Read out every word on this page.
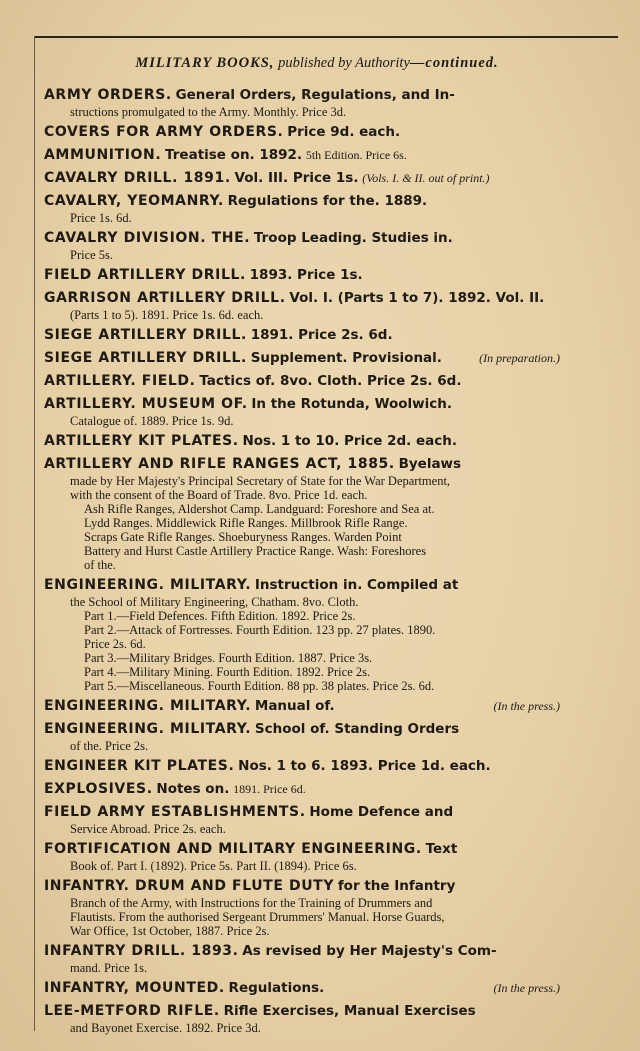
MILITARY BOOKS, published by Authority—continued.
ARMY ORDERS. General Orders, Regulations, and In-
structions promulgated to the Army. Monthly. Price 3d.
COVERS FOR ARMY ORDERS. Price 9d. each.
AMMUNITION. Treatise on. 1892. 5th Edition. Price 6s.
CAVALRY DRILL. 1891. Vol. III. Price 1s. (Vols. I. & II. out of print.)
CAVALRY, YEOMANRY. Regulations for the. 1889.
Price 1s. 6d.
CAVALRY DIVISION. THE. Troop Leading. Studies in.
Price 5s.
FIELD ARTILLERY DRILL. 1893. Price 1s.
GARRISON ARTILLERY DRILL. Vol. I. (Parts 1 to 7). 1892. Vol. II.
(Parts 1 to 5). 1891. Price 1s. 6d. each.
SIEGE ARTILLERY DRILL. 1891. Price 2s. 6d.
(In preparation.)
SIEGE ARTILLERY DRILL. Supplement. Provisional.
ARTILLERY. FIELD. Tactics of. 8vo. Cloth. Price 2s. 6d.
ARTILLERY. MUSEUM OF. In the Rotunda, Woolwich.
Catalogue of. 1889. Price 1s. 9d.
ARTILLERY KIT PLATES. Nos. 1 to 10. Price 2d. each.
ARTILLERY AND RIFLE RANGES ACT, 1885. Byelaws
made by Her Majesty's Principal Secretary of State for the War Department,
with the consent of the Board of Trade. 8vo. Price 1d. each.
Ash Rifle Ranges, Aldershot Camp. Landguard: Foreshore and Sea at.
Lydd Ranges. Middlewick Rifle Ranges. Millbrook Rifle Range.
Scraps Gate Rifle Ranges. Shoeburyness Ranges. Warden Point
Battery and Hurst Castle Artillery Practice Range. Wash: Foreshores
of the.
ENGINEERING. MILITARY. Instruction in. Compiled at
the School of Military Engineering, Chatham. 8vo. Cloth.
Part 1.—Field Defences. Fifth Edition. 1892. Price 2s.
Part 2.—Attack of Fortresses. Fourth Edition. 123 pp. 27 plates. 1890.
Price 2s. 6d.
Part 3.—Military Bridges. Fourth Edition. 1887. Price 3s.
Part 4.—Military Mining. Fourth Edition. 1892. Price 2s.
Part 5.—Miscellaneous. Fourth Edition. 88 pp. 38 plates. Price 2s. 6d.
(In the press.)
ENGINEERING. MILITARY. Manual of.
ENGINEERING. MILITARY. School of. Standing Orders
of the. Price 2s.
ENGINEER KIT PLATES. Nos. 1 to 6. 1893. Price 1d. each.
EXPLOSIVES. Notes on. 1891. Price 6d.
FIELD ARMY ESTABLISHMENTS. Home Defence and
Service Abroad. Price 2s. each.
FORTIFICATION AND MILITARY ENGINEERING. Text
Book of. Part I. (1892). Price 5s. Part II. (1894). Price 6s.
INFANTRY. DRUM AND FLUTE DUTY for the Infantry
Branch of the Army, with Instructions for the Training of Drummers and
Flautists. From the authorised Sergeant Drummers' Manual. Horse Guards,
War Office, 1st October, 1887. Price 2s.
INFANTRY DRILL. 1893. As revised by Her Majesty's Com-
mand. Price 1s.
(In the press.)
INFANTRY, MOUNTED. Regulations.
LEE-METFORD RIFLE. Rifle Exercises, Manual Exercises
and Bayonet Exercise. 1892. Price 3d.
